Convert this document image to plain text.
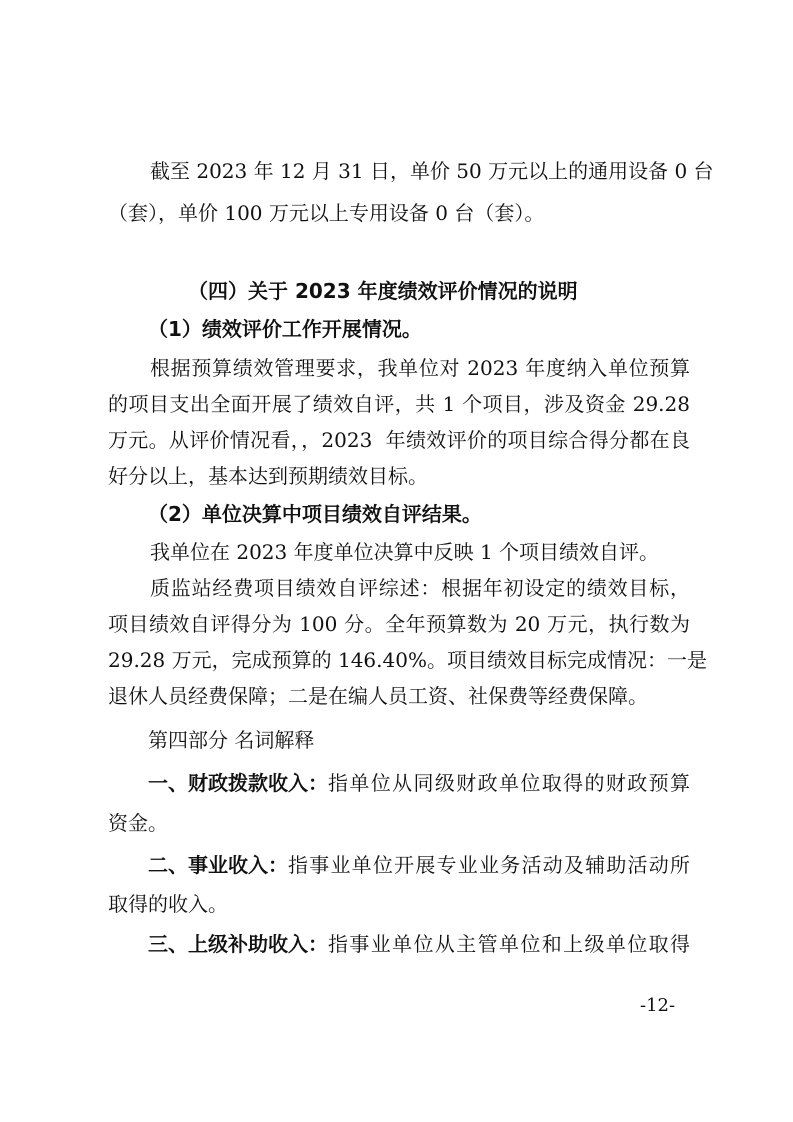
截至 2023 年 12 月 31 日，单价 50 万元以上的通用设备 0 台
（套），单价 100 万元以上专用设备 0 台（套）。
（四）关于 2023 年度绩效评价情况的说明
（1）绩效评价工作开展情况。
根据预算绩效管理要求，我单位对 2023 年度纳入单位预算
的项目支出全面开展了绩效自评，共 1 个项目，涉及资金 29.28
万元。从评价情况看，，2023  年绩效评价的项目综合得分都在良
好分以上，基本达到预期绩效目标。
（2）单位决算中项目绩效自评结果。
我单位在 2023 年度单位决算中反映 1 个项目绩效自评。
质监站经费项目绩效自评综述：根据年初设定的绩效目标，
项目绩效自评得分为 100 分。全年预算数为 20 万元，执行数为
29.28 万元，完成预算的 146.40%。项目绩效目标完成情况：一是
退休人员经费保障；二是在编人员工资、社保费等经费保障。
第四部分 名词解释
一、财政拨款收入： 指单位从同级财政单位取得的财政预算
资金。
二、事业收入： 指事业单位开展专业业务活动及辅助活动所
取得的收入。
三、上级补助收入： 指事业单位从主管单位和上级单位取得
-12-
